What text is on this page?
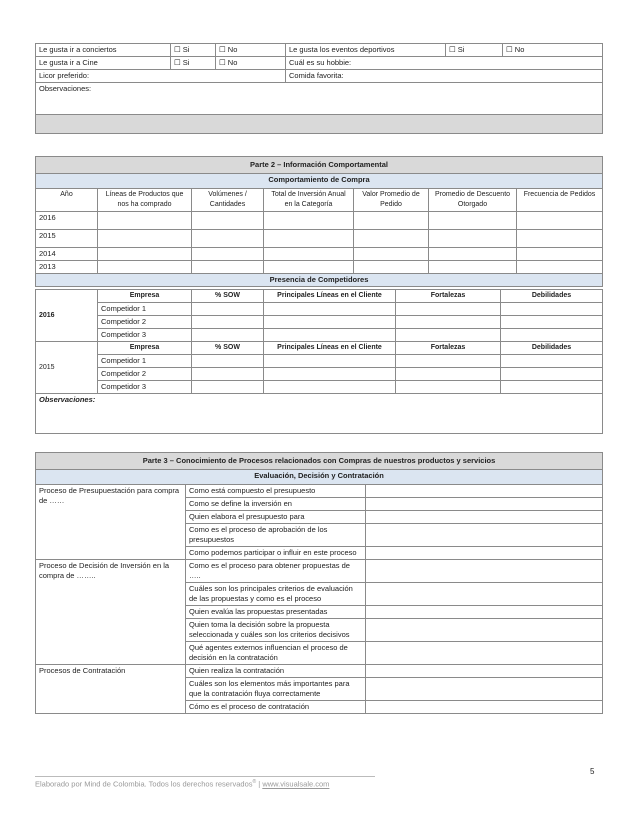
Le gusta ir a conciertos	☐ Si	☐ No	Le gusta los eventos deportivos	☐ Si	☐ No
Le gusta ir a Cine	☐ Si	☐ No	Cuál es su hobbie:		
Licor preferido:			Comida favorita:		
Observaciones:					

Parte 2 – Información Comportamental						
Comportamiento de Compra						
Año	Líneas de Productos que nos ha comprado	Volúmenes / Cantidades	Total de Inversión Anual en la Categoría	Valor Promedio de Pedido	Promedio de Descuento Otorgado	Frecuencia de Pedidos
2016						
2015						
2014						
2013						
Presencia de Competidores						
2016	Empresa	% SOW	Principales Líneas en el Cliente	Fortalezas	Debilidades
	Competidor 1				
	Competidor 2				
	Competidor 3				
2015	Empresa	% SOW	Principales Líneas en el Cliente	Fortalezas	Debilidades
	Competidor 1				
	Competidor 2				
	Competidor 3				
Observaciones:					
Parte 3 – Conocimiento de Procesos relacionados con Compras de nuestros productos y servicios		
Evaluación, Decisión y Contratación		
Proceso de Presupuestación para compra de ……	Como está compuesto el presupuesto	
	Como se define la inversión en	
	Quien elabora el presupuesto para	
	Como es el proceso de aprobación de los presupuestos	
	Como podemos participar o influir en este proceso	
Proceso de Decisión de Inversión en la compra de ……..	Como es el proceso para obtener propuestas de …..	
	Cuáles son los principales criterios de evaluación de las propuestas y como es el proceso	
	Quien evalúa las propuestas presentadas	
	Quien toma la decisión sobre la propuesta seleccionada y cuáles son los criterios decisivos	
	Qué agentes externos influencian el proceso de decisión en la contratación	
Procesos de Contratación	Quien realiza la contratación	
	Cuáles son los elementos más importantes para que la contratación fluya correctamente	
	Cómo es el proceso de contratación	
5
Elaborado por Mind de Colombia. Todos los derechos reservados® | www.visualsale.com
